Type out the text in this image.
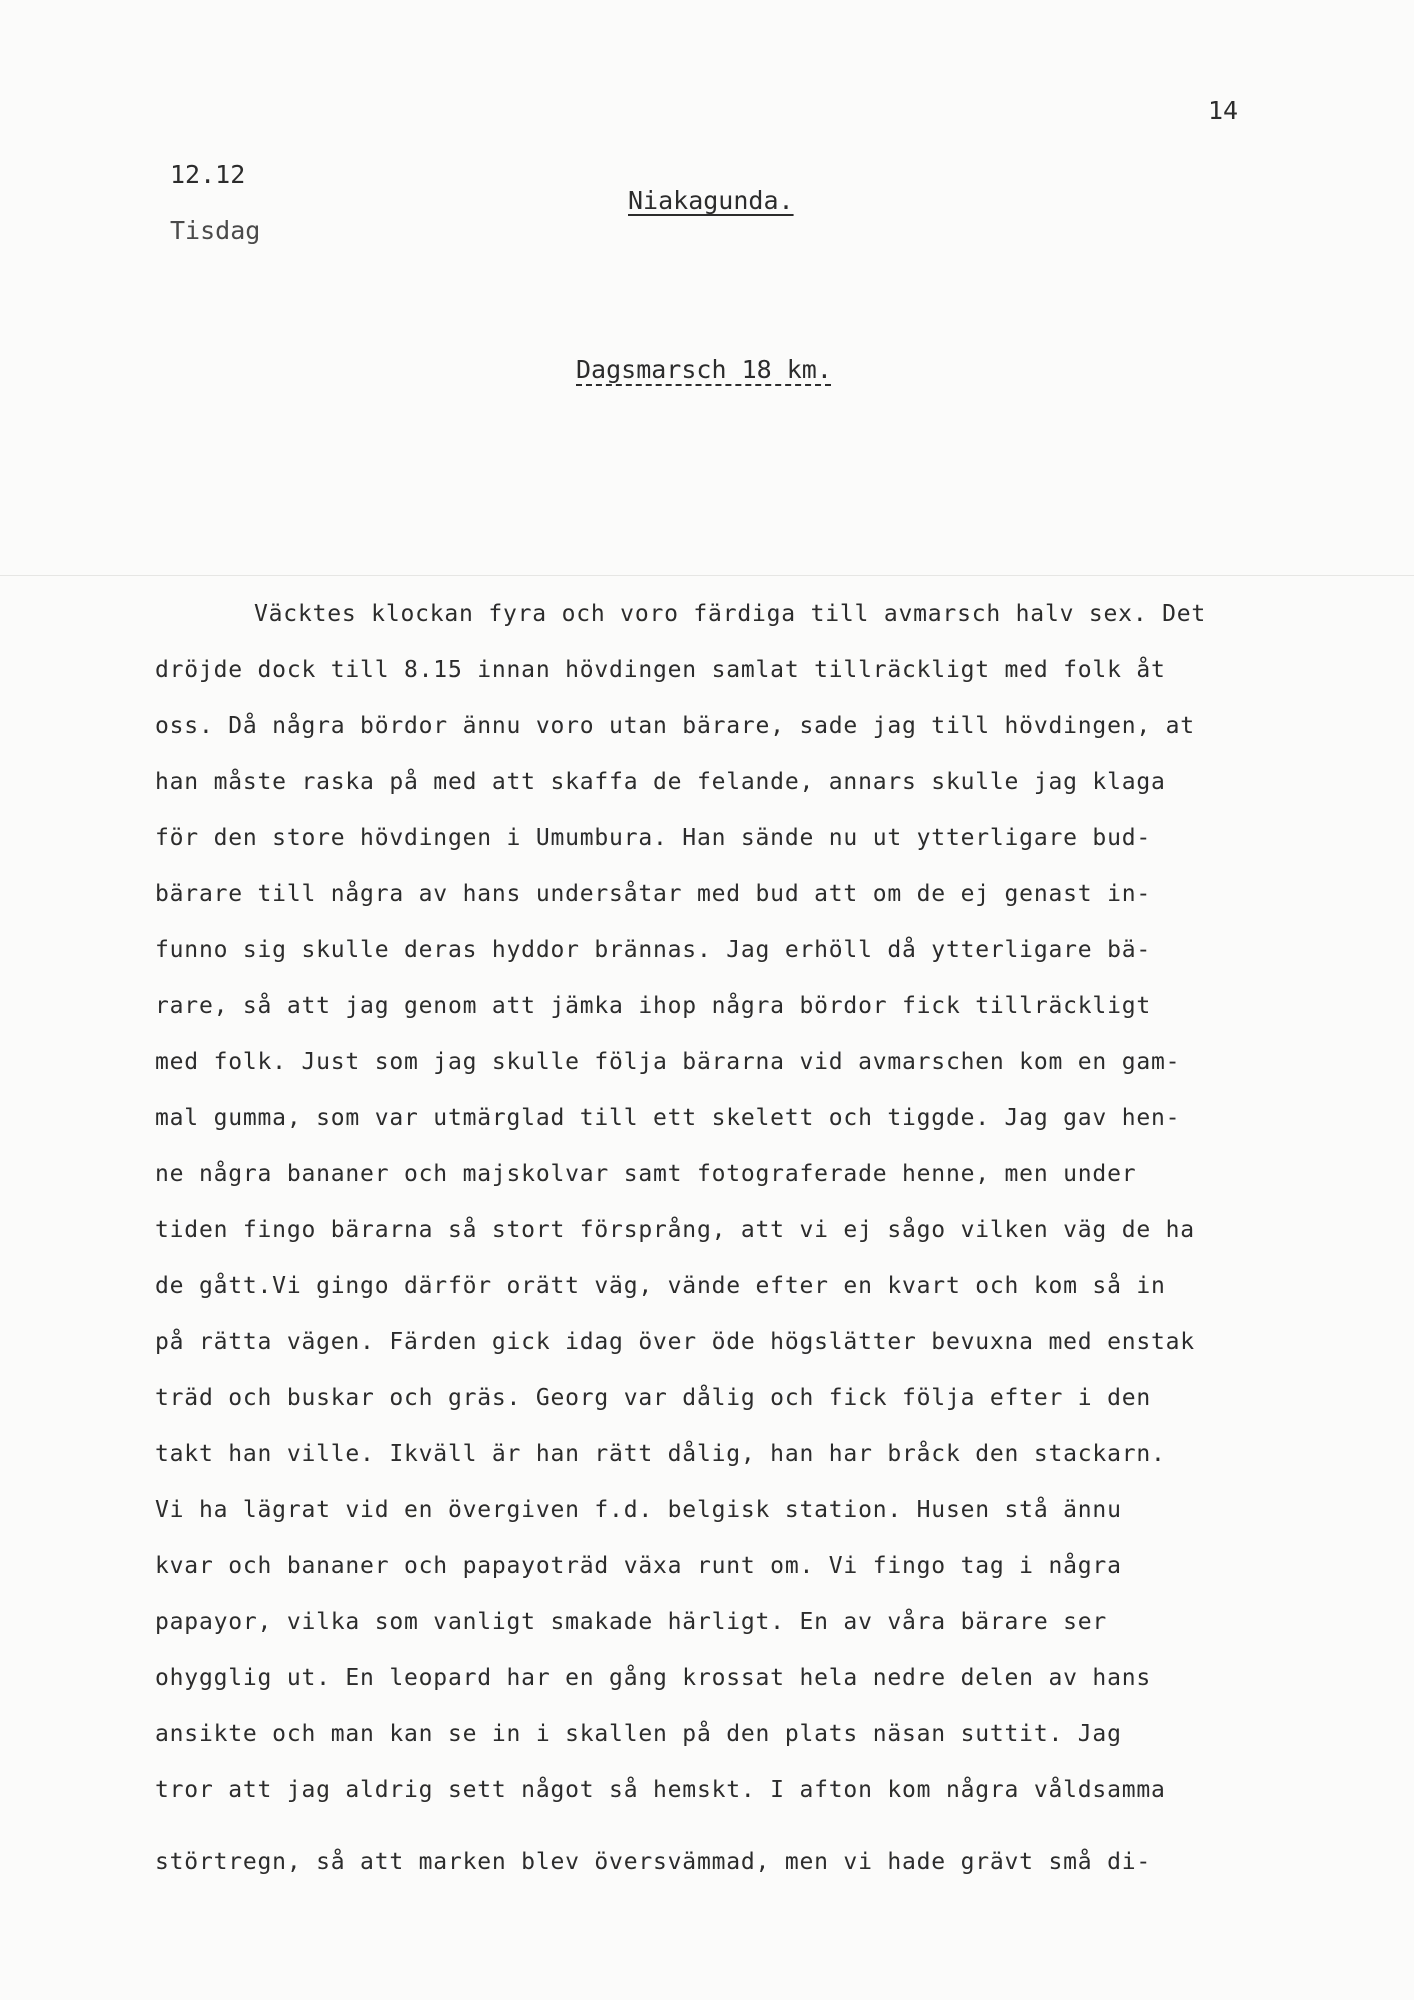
14
12.12
Tisdag
Niakagunda.
Dagsmarsch 18 km.
Väcktes klockan fyra och voro färdiga till avmarsch halv sex. Det
dröjde dock till 8.15 innan hövdingen samlat tillräckligt med folk åt
oss. Då några bördor ännu voro utan bärare, sade jag till hövdingen, at
han måste raska på med att skaffa de felande, annars skulle jag klaga
för den store hövdingen i Umumbura. Han sände nu ut ytterligare bud-
bärare till några av hans undersåtar med bud att om de ej genast in-
funno sig skulle deras hyddor brännas. Jag erhöll då ytterligare bä-
rare, så att jag genom att jämka ihop några bördor fick tillräckligt
med folk. Just som jag skulle följa bärarna vid avmarschen kom en gam-
mal gumma, som var utmärglad till ett skelett och tiggde. Jag gav hen-
ne några bananer och majskolvar samt fotograferade henne, men under
tiden fingo bärarna så stort försprång, att vi ej sågo vilken väg de ha
de gått.Vi gingo därför orätt väg, vände efter en kvart och kom så in
på rätta vägen. Färden gick idag över öde högslätter bevuxna med enstak
träd och buskar och gräs. Georg var dålig och fick följa efter i den
takt han ville. Ikväll är han rätt dålig, han har bråck den stackarn.
Vi ha lägrat vid en övergiven f.d. belgisk station. Husen stå ännu
kvar och bananer och papayoträd växa runt om. Vi fingo tag i några
papayor, vilka som vanligt smakade härligt. En av våra bärare ser
ohygglig ut. En leopard har en gång krossat hela nedre delen av hans
ansikte och man kan se in i skallen på den plats näsan suttit. Jag
tror att jag aldrig sett något så hemskt. I afton kom några våldsamma
störtregn, så att marken blev översvämmad, men vi hade grävt små di-
